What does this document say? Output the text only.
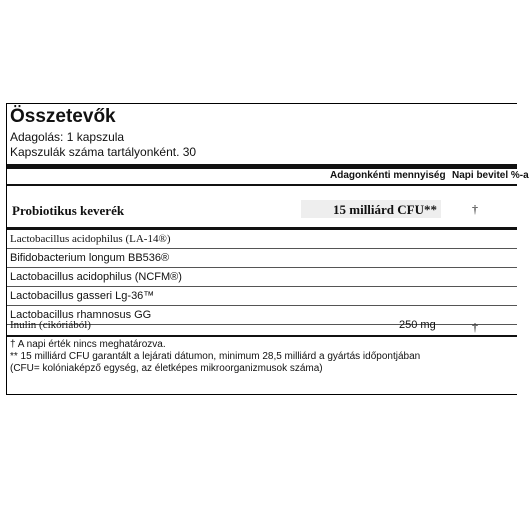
Összetevők
Adagolás: 1 kapszula
Kapszulák száma tartályonként. 30
Adagonkénti mennyiség Napi bevitel %-a
Probiotikus keverék	15 milliárd CFU**	†
Lactobacillus acidophilus (LA-14®)
Bifidobacterium longum BB536®
Lactobacillus acidophilus (NCFM®)
Lactobacillus gasseri Lg-36™
Lactobacillus rhamnosus GG
Inulin (cikóriából)	250 mg	†
† A napi érték nincs meghatározva.
** 15 milliárd CFU garantált a lejárati dátumon, minimum 28,5 milliárd a gyártás időpontjában
(CFU= kolóniaképző egység, az életképes mikroorganizmusok száma)
